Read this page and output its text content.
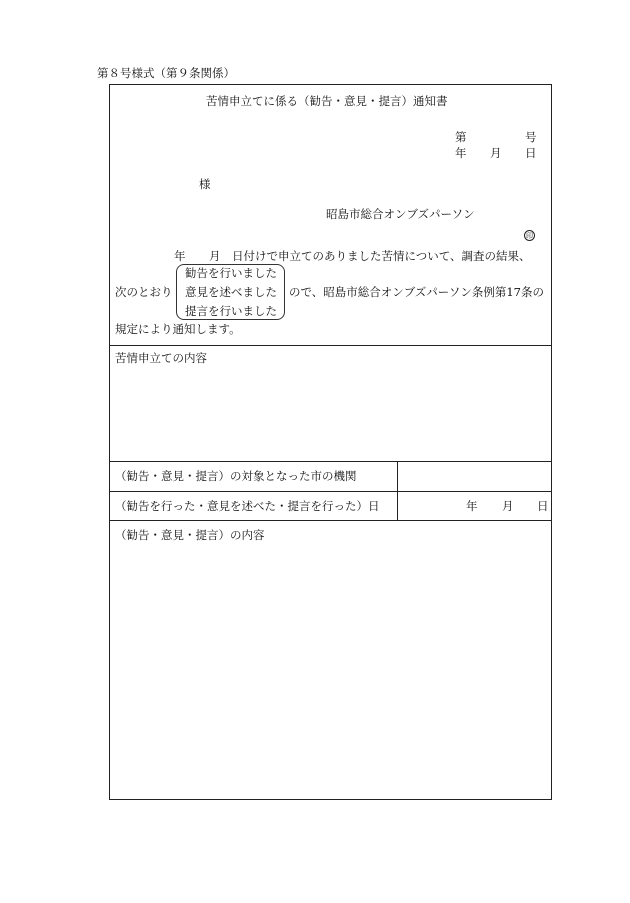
第８号様式（第９条関係）
苦情申立てに係る（勧告・意見・提言）通知書
第	号
年 月 日
様
昭島市総合オンブズパーソン
印
年 月 日付けで申立てのありました苦情について、調査の結果、
次のとおり
勧告を行いました
意見を述べました
提言を行いました
ので、昭島市総合オンブズパーソン条例第17条の
規定により通知します。
苦情申立ての内容
（勧告・意見・提言）の対象となった市の機関
（勧告を行った・意見を述べた・提言を行った）日	年 月 日
（勧告・意見・提言）の内容
